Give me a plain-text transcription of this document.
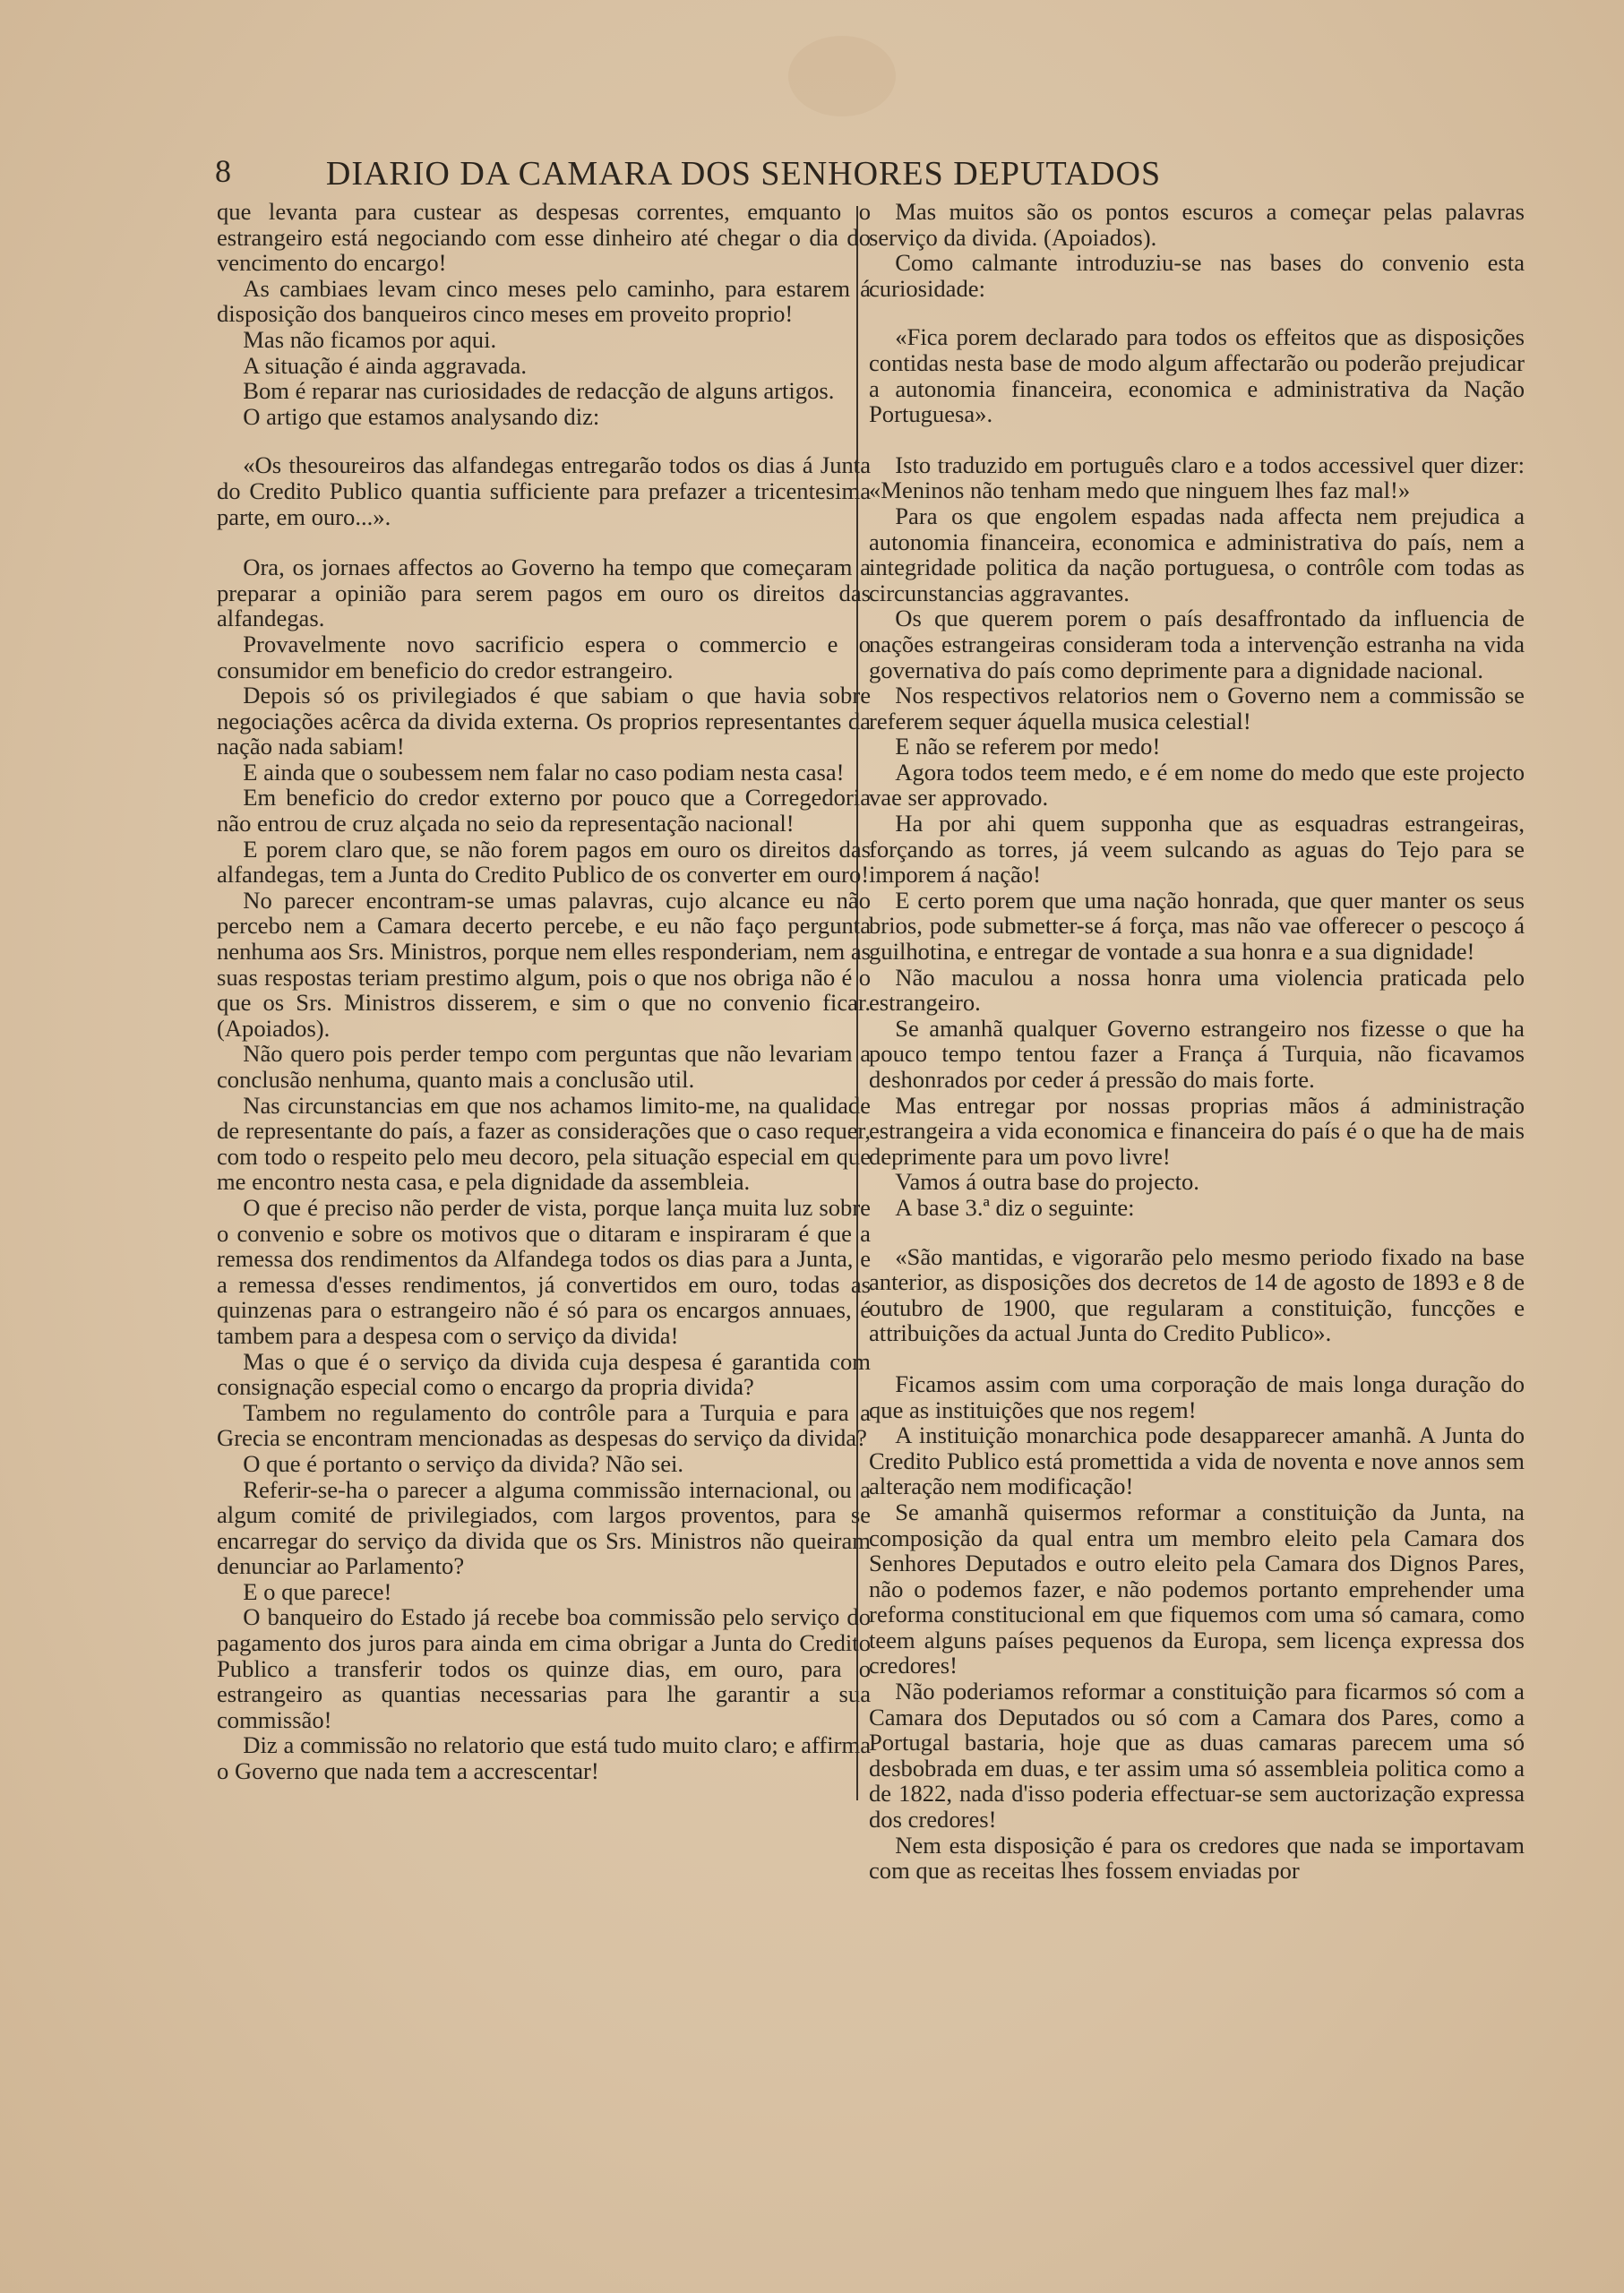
8	DIARIO DA CAMARA DOS SENHORES DEPUTADOS

que levanta para custear as despesas correntes, emquanto o estrangeiro está negociando com esse dinheiro até chegar o dia do vencimento do encargo!

As cambiaes levam cinco meses pelo caminho, para estarem á disposição dos banqueiros cinco meses em proveito proprio!

Mas não ficamos por aqui.

A situação é ainda aggravada.

Bom é reparar nas curiosidades de redacção de alguns artigos.

O artigo que estamos analysando diz:

«Os thesoureiros das alfandegas entregarão todos os dias á Junta do Credito Publico quantia sufficiente para prefazer a tricentesima parte, em ouro...».

Ora, os jornaes affectos ao Governo ha tempo que começaram a preparar a opinião para serem pagos em ouro os direitos das alfandegas.

Provavelmente novo sacrificio espera o commercio e o consumidor em beneficio do credor estrangeiro.

Depois só os privilegiados é que sabiam o que havia sobre negociações acêrca da divida externa. Os proprios representantes da nação nada sabiam!

E ainda que o soubessem nem falar no caso podiam nesta casa!

Em beneficio do credor externo por pouco que a Corregedoria não entrou de cruz alçada no seio da representação nacional!

E porem claro que, se não forem pagos em ouro os direitos das alfandegas, tem a Junta do Credito Publico de os converter em ouro!

No parecer encontram-se umas palavras, cujo alcance eu não percebo nem a Camara decerto percebe, e eu não faço pergunta nenhuma aos Srs. Ministros, porque nem elles responderiam, nem as suas respostas teriam prestimo algum, pois o que nos obriga não é o que os Srs. Ministros disserem, e sim o que no convenio ficar. (Apoiados).

Não quero pois perder tempo com perguntas que não levariam a conclusão nenhuma, quanto mais a conclusão util.

Nas circunstancias em que nos achamos limito-me, na qualidade de representante do país, a fazer as considerações que o caso requer, com todo o respeito pelo meu decoro, pela situação especial em que me encontro nesta casa, e pela dignidade da assembleia.

O que é preciso não perder de vista, porque lança muita luz sobre o convenio e sobre os motivos que o ditaram e inspiraram é que a remessa dos rendimentos da Alfandega todos os dias para a Junta, e a remessa d'esses rendimentos, já convertidos em ouro, todas as quinzenas para o estrangeiro não é só para os encargos annuaes, é tambem para a despesa com o serviço da divida!

Mas o que é o serviço da divida cuja despesa é garantida com consignação especial como o encargo da propria divida?

Tambem no regulamento do contrôle para a Turquia e para a Grecia se encontram mencionadas as despesas do serviço da divida?

O que é portanto o serviço da divida? Não sei.

Referir-se-ha o parecer a alguma commissão internacional, ou a algum comité de privilegiados, com largos proventos, para se encarregar do serviço da divida que os Srs. Ministros não queiram denunciar ao Parlamento?

E o que parece!

O banqueiro do Estado já recebe boa commissão pelo serviço do pagamento dos juros para ainda em cima obrigar a Junta do Credito Publico a transferir todos os quinze dias, em ouro, para o estrangeiro as quantias necessarias para lhe garantir a sua commissão!

Diz a commissão no relatorio que está tudo muito claro; e affirma o Governo que nada tem a accrescentar!

Mas muitos são os pontos escuros a começar pelas palavras serviço da divida. (Apoiados).

Como calmante introduziu-se nas bases do convenio esta curiosidade:

«Fica porem declarado para todos os effeitos que as disposições contidas nesta base de modo algum affectarão ou poderão prejudicar a autonomia financeira, economica e administrativa da Nação Portuguesa».

Isto traduzido em português claro e a todos accessivel quer dizer: «Meninos não tenham medo que ninguem lhes faz mal!»

Para os que engolem espadas nada affecta nem prejudica a autonomia financeira, economica e administrativa do país, nem a integridade politica da nação portuguesa, o contrôle com todas as circunstancias aggravantes.

Os que querem porem o país desaffrontado da influencia de nações estrangeiras consideram toda a intervenção estranha na vida governativa do país como deprimente para a dignidade nacional.

Nos respectivos relatorios nem o Governo nem a commissão se referem sequer áquella musica celestial!

E não se referem por medo!

Agora todos teem medo, e é em nome do medo que este projecto vae ser approvado.

Ha por ahi quem supponha que as esquadras estrangeiras, forçando as torres, já veem sulcando as aguas do Tejo para se imporem á nação!

E certo porem que uma nação honrada, que quer manter os seus brios, pode submetter-se á força, mas não vae offerecer o pescoço á guilhotina, e entregar de vontade a sua honra e a sua dignidade!

Não maculou a nossa honra uma violencia praticada pelo estrangeiro.

Se amanhã qualquer Governo estrangeiro nos fizesse o que ha pouco tempo tentou fazer a França á Turquia, não ficavamos deshonrados por ceder á pressão do mais forte.

Mas entregar por nossas proprias mãos á administração estrangeira a vida economica e financeira do país é o que ha de mais deprimente para um povo livre!

Vamos á outra base do projecto.

A base 3.ª diz o seguinte:

«São mantidas, e vigorarão pelo mesmo periodo fixado na base anterior, as disposições dos decretos de 14 de agosto de 1893 e 8 de outubro de 1900, que regularam a constituição, funcções e attribuições da actual Junta do Credito Publico».

Ficamos assim com uma corporação de mais longa duração do que as instituições que nos regem!

A instituição monarchica pode desapparecer amanhã. A Junta do Credito Publico está promettida a vida de noventa e nove annos sem alteração nem modificação!

Se amanhã quisermos reformar a constituição da Junta, na composição da qual entra um membro eleito pela Camara dos Senhores Deputados e outro eleito pela Camara dos Dignos Pares, não o podemos fazer, e não podemos portanto emprehender uma reforma constitucional em que fiquemos com uma só camara, como teem alguns países pequenos da Europa, sem licença expressa dos credores!

Não poderiamos reformar a constituição para ficarmos só com a Camara dos Deputados ou só com a Camara dos Pares, como a Portugal bastaria, hoje que as duas camaras parecem uma só desbobrada em duas, e ter assim uma só assembleia politica como a de 1822, nada d'isso poderia effectuar-se sem auctorização expressa dos credores!

Nem esta disposição é para os credores que nada se importavam com que as receitas lhes fossem enviadas por
